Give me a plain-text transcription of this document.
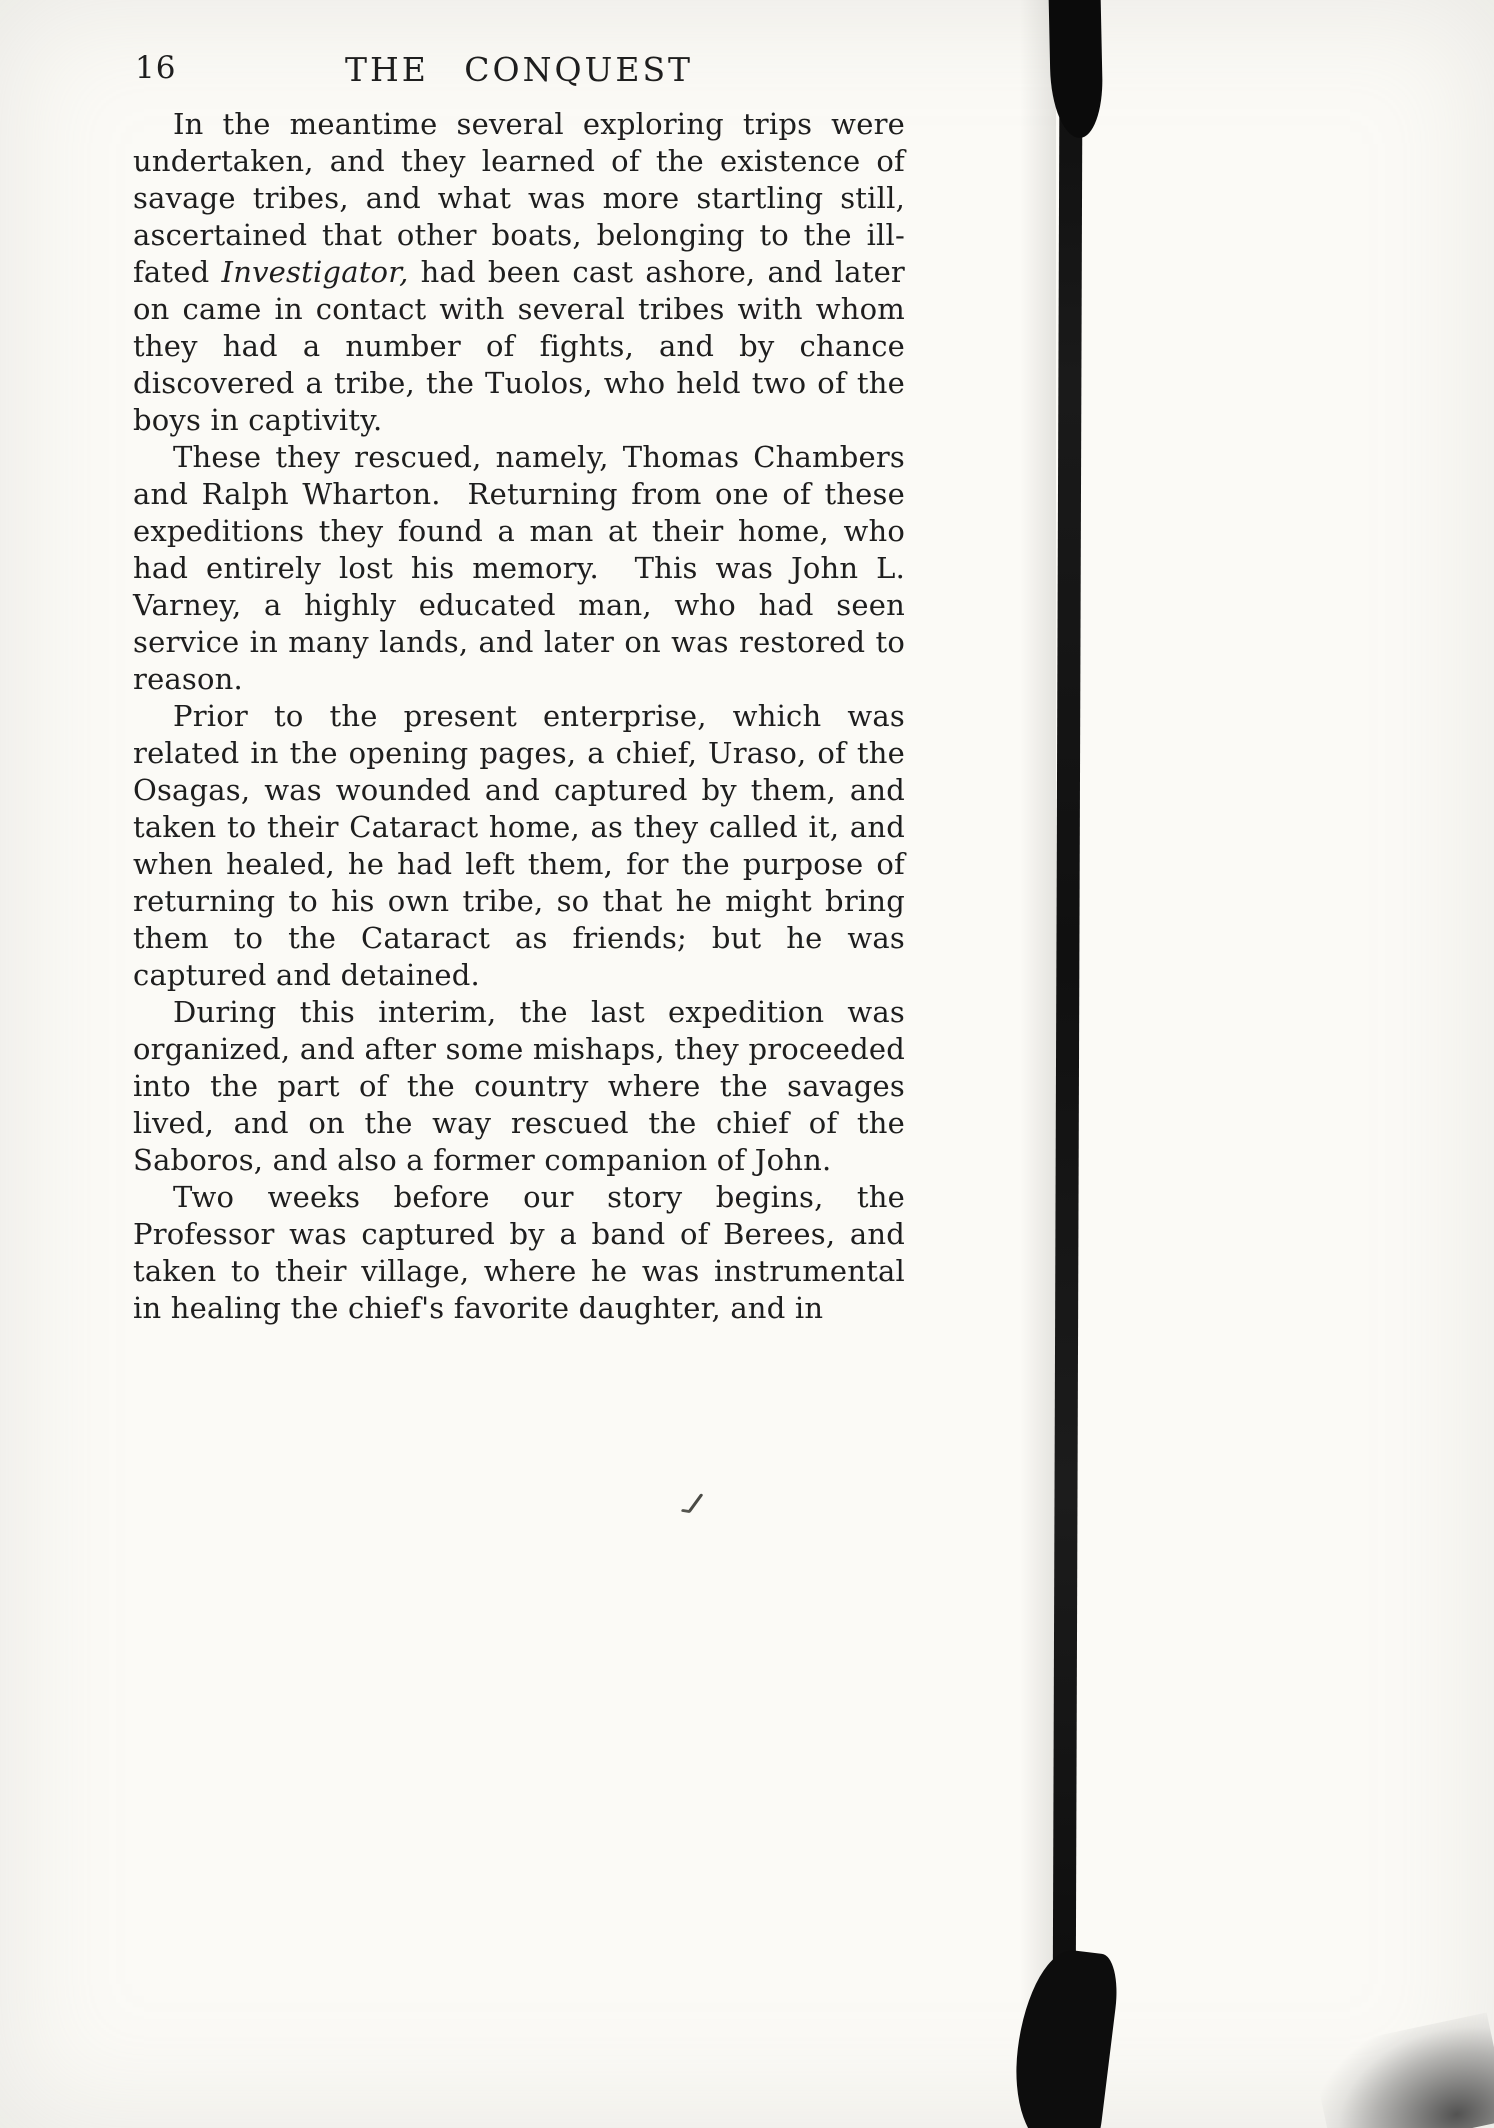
16	THE CONQUEST

In the meantime several exploring trips were undertaken, and they learned of the existence of savage tribes, and what was more startling still, ascertained that other boats, belonging to the ill-fated Investigator, had been cast ashore, and later on came in contact with several tribes with whom they had a number of fights, and by chance discovered a tribe, the Tuolos, who held two of the boys in captivity.

These they rescued, namely, Thomas Chambers and Ralph Wharton.  Returning from one of these expeditions they found a man at their home, who had entirely lost his memory.  This was John L. Varney, a highly educated man, who had seen service in many lands, and later on was restored to reason.

Prior to the present enterprise, which was related in the opening pages, a chief, Uraso, of the Osagas, was wounded and captured by them, and taken to their Cataract home, as they called it, and when healed, he had left them, for the purpose of returning to his own tribe, so that he might bring them to the Cataract as friends; but he was captured and detained.

During this interim, the last expedition was organized, and after some mishaps, they proceeded into the part of the country where the savages lived, and on the way rescued the chief of the Saboros, and also a former companion of John.

Two weeks before our story begins, the Professor was captured by a band of Berees, and taken to their village, where he was instrumental in healing the chief's favorite daughter, and in
